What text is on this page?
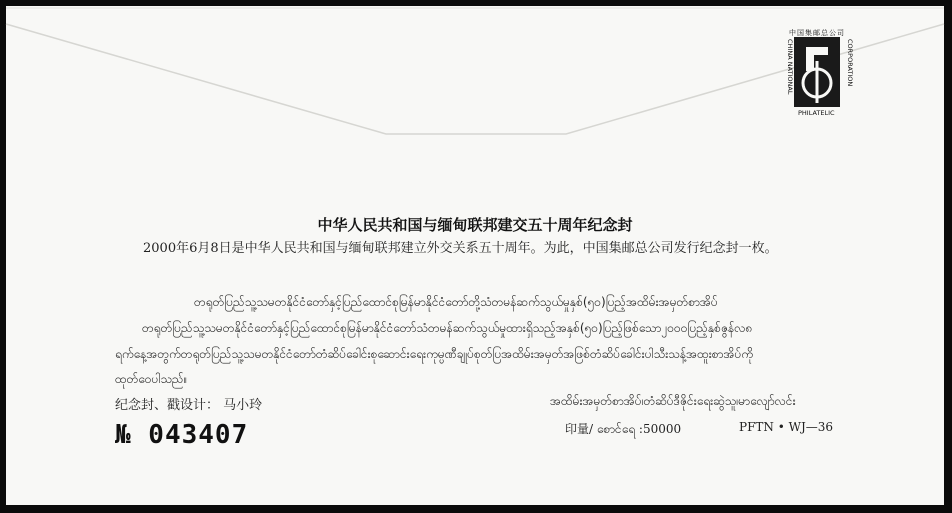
中国集邮总公司
CHINA NATIONAL	CORPORATION
PHILATELIC
中华人民共和国与缅甸联邦建交五十周年纪念封
2000年6月8日是中华人民共和国与缅甸联邦建立外交关系五十周年。为此，中国集邮总公司发行纪念封一枚。
တရုတ်ပြည်သူ့သမတနိုင်ငံတော်နှင့်ပြည်ထောင်စုမြန်မာနိုင်ငံတော်တို့သံတမန်ဆက်သွယ်မှုနှစ်(၅၀)ပြည့်အထိမ်းအမှတ်စာအိပ်
တရုတ်ပြည်သူ့သမတနိုင်ငံတော်နှင့်ပြည်ထောင်စုမြန်မာနိုင်ငံတော်သံတမန်ဆက်သွယ်မှုထားရှိသည့်အနှစ်(၅၀)ပြည့်ဖြစ်သော၂၀၀၀ပြည့်နှစ်ဇွန်လ၈
ရက်နေ့အတွက်တရုတ်ပြည်သူ့သမတနိုင်ငံတော်တံဆိပ်ခေါင်းစုဆောင်းရေးကုမ္ပဏီချုပ်စုတ်ပြအထိမ်းအမှတ်အဖြစ်တံဆိပ်ခေါင်းပါသီးသန့်အထူးစာအိပ်ကို
ထုတ်ဝေပါသည်။
纪念封、戳设计： 马小玲
№ 043407
အထိမ်းအမှတ်စာအိပ်၊တံဆိပ်ဒီဇိုင်းရေးဆွဲသူ၊မာလျော်လင်း
印量/ စောင်ရေ :50000	PFTN • WJ—36
